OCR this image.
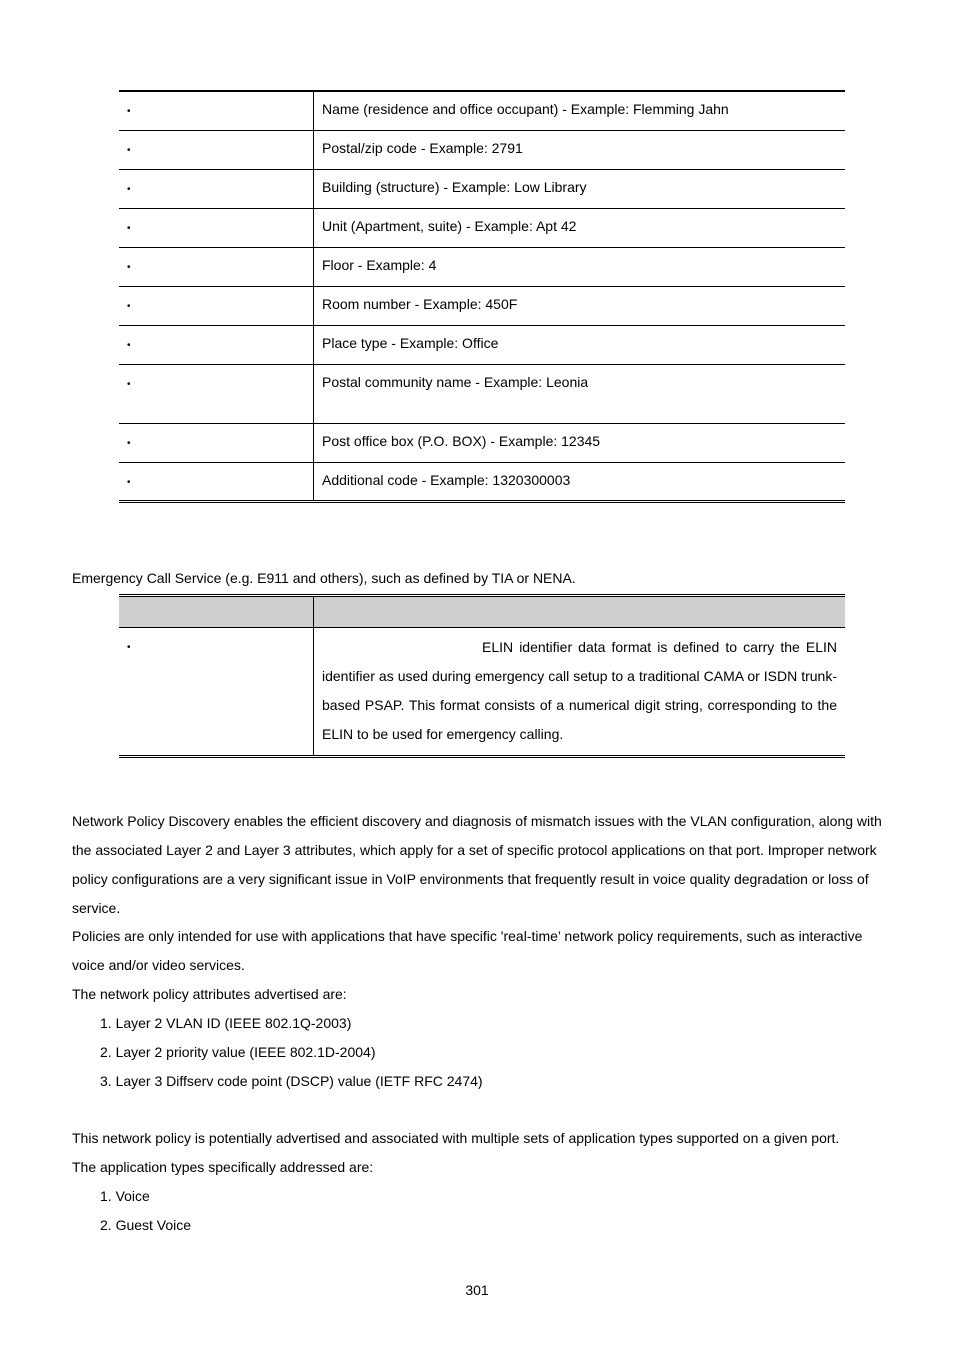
•	Name (residence and office occupant) - Example: Flemming Jahn

•	Postal/zip code - Example: 2791

•	Building (structure) - Example: Low Library

•	Unit (Apartment, suite) - Example: Apt 42

•	Floor - Example: 4

•	Room number - Example: 450F

•	Place type - Example: Office

•	Postal community name - Example: Leonia

•	Post office box (P.O. BOX) - Example: 12345

•	Additional code - Example: 1320300003

Emergency Call Service (e.g. E911 and others), such as defined by TIA or NENA.

•	ELIN identifier data format is defined to carry the ELIN identifier as used during emergency call setup to a traditional CAMA or ISDN trunk-based PSAP. This format consists of a numerical digit string, corresponding to the ELIN to be used for emergency calling.

Network Policy Discovery enables the efficient discovery and diagnosis of mismatch issues with the VLAN configuration, along with the associated Layer 2 and Layer 3 attributes, which apply for a set of specific protocol applications on that port. Improper network policy configurations are a very significant issue in VoIP environments that frequently result in voice quality degradation or loss of service.

Policies are only intended for use with applications that have specific 'real-time’ network policy requirements, such as interactive voice and/or video services.

The network policy attributes advertised are:

1. Layer 2 VLAN ID (IEEE 802.1Q-2003)
2. Layer 2 priority value (IEEE 802.1D-2004)
3. Layer 3 Diffserv code point (DSCP) value (IETF RFC 2474)

This network policy is potentially advertised and associated with multiple sets of application types supported on a given port.

The application types specifically addressed are:

1. Voice
2. Guest Voice
301
